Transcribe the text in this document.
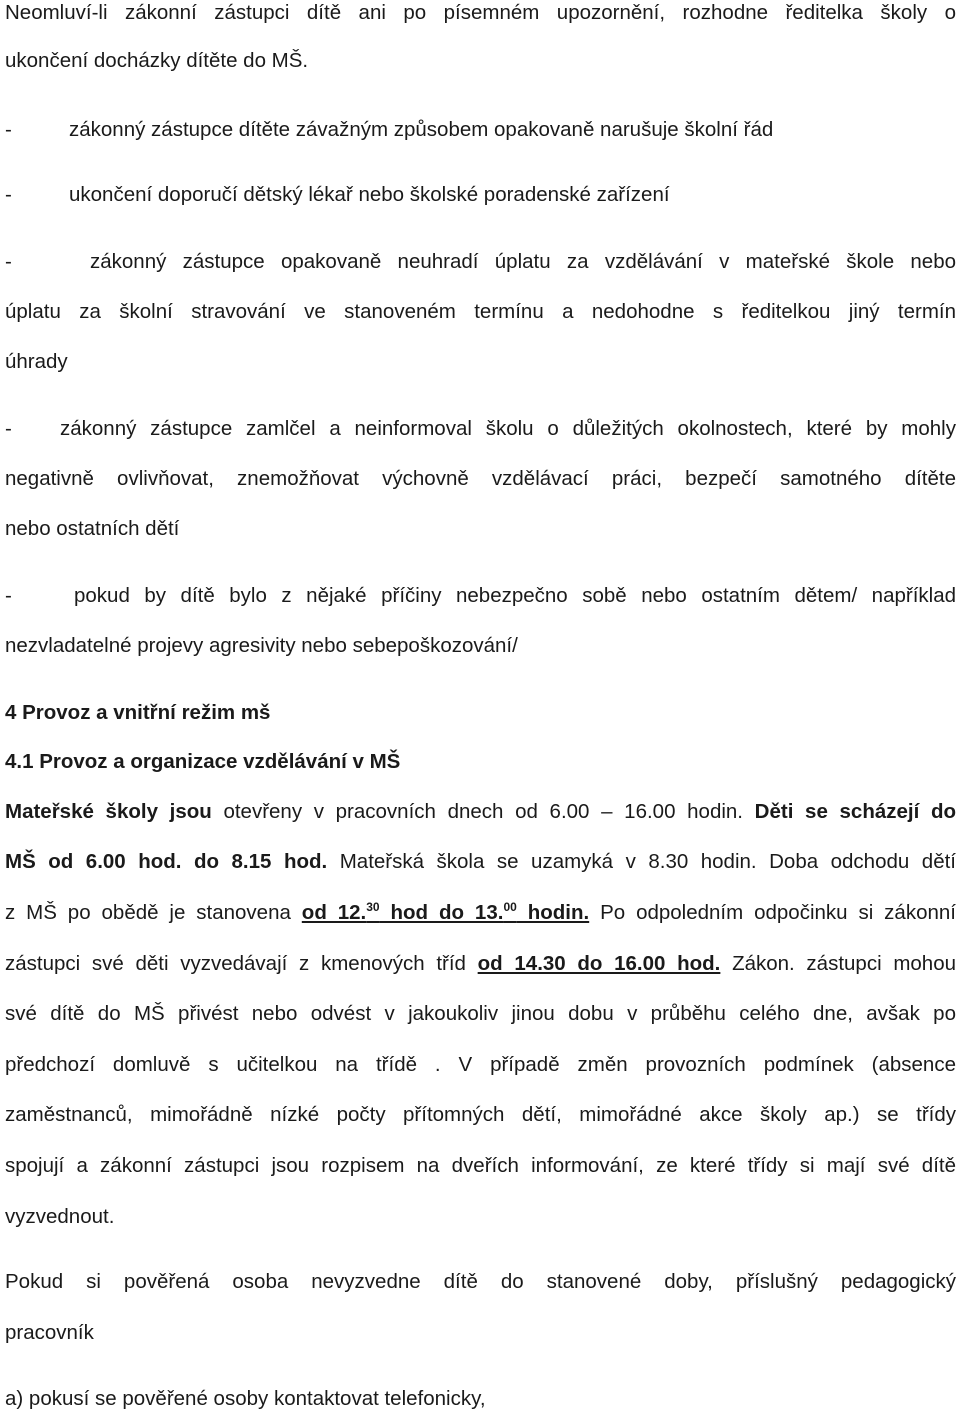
Neomluví-li zákonní zástupci dítě ani po písemném upozornění, rozhodne ředitelka školy o
ukončení docházky dítěte do MŠ.
-	zákonný zástupce dítěte závažným způsobem opakovaně narušuje školní řád
-	ukončení doporučí dětský lékař nebo školské poradenské zařízení
-	zákonný zástupce opakovaně neuhradí úplatu za vzdělávání v mateřské škole nebo
úplatu za školní stravování ve stanoveném termínu a nedohodne s ředitelkou jiný termín
úhrady
-	zákonný zástupce zamlčel a neinformoval školu o důležitých okolnostech, které by mohly
negativně ovlivňovat, znemožňovat výchovně vzdělávací práci, bezpečí samotného dítěte
nebo ostatních dětí
-	pokud by dítě bylo z nějaké příčiny nebezpečno sobě nebo ostatním dětem/ například
nezvladatelné projevy agresivity nebo sebepoškozování/
4 Provoz a vnitřní režim mš
4.1 Provoz a organizace vzdělávání v MŠ
Mateřské školy jsou otevřeny v pracovních dnech od 6.00 – 16.00 hodin. Děti se scházejí do
MŠ od 6.00 hod. do 8.15 hod. Mateřská škola se uzamyká v 8.30 hodin. Doba odchodu dětí
z MŠ po obědě je stanovena od 12.30 hod do 13.00 hodin. Po odpoledním odpočinku si zákonní
zástupci své děti vyzvedávají z kmenových tříd od 14.30 do 16.00 hod. Zákon. zástupci mohou
své dítě do MŠ přivést nebo odvést v jakoukoliv jinou dobu v průběhu celého dne, avšak po
předchozí domluvě s učitelkou na třídě . V případě změn provozních podmínek (absence
zaměstnanců, mimořádně nízké počty přítomných dětí, mimořádné akce školy ap.) se třídy
spojují a zákonní zástupci jsou rozpisem na dveřích informování, ze které třídy si mají své dítě
vyzvednout.
Pokud si pověřená osoba nevyzvedne dítě do stanovené doby, příslušný pedagogický
pracovník
a) pokusí se pověřené osoby kontaktovat telefonicky,
